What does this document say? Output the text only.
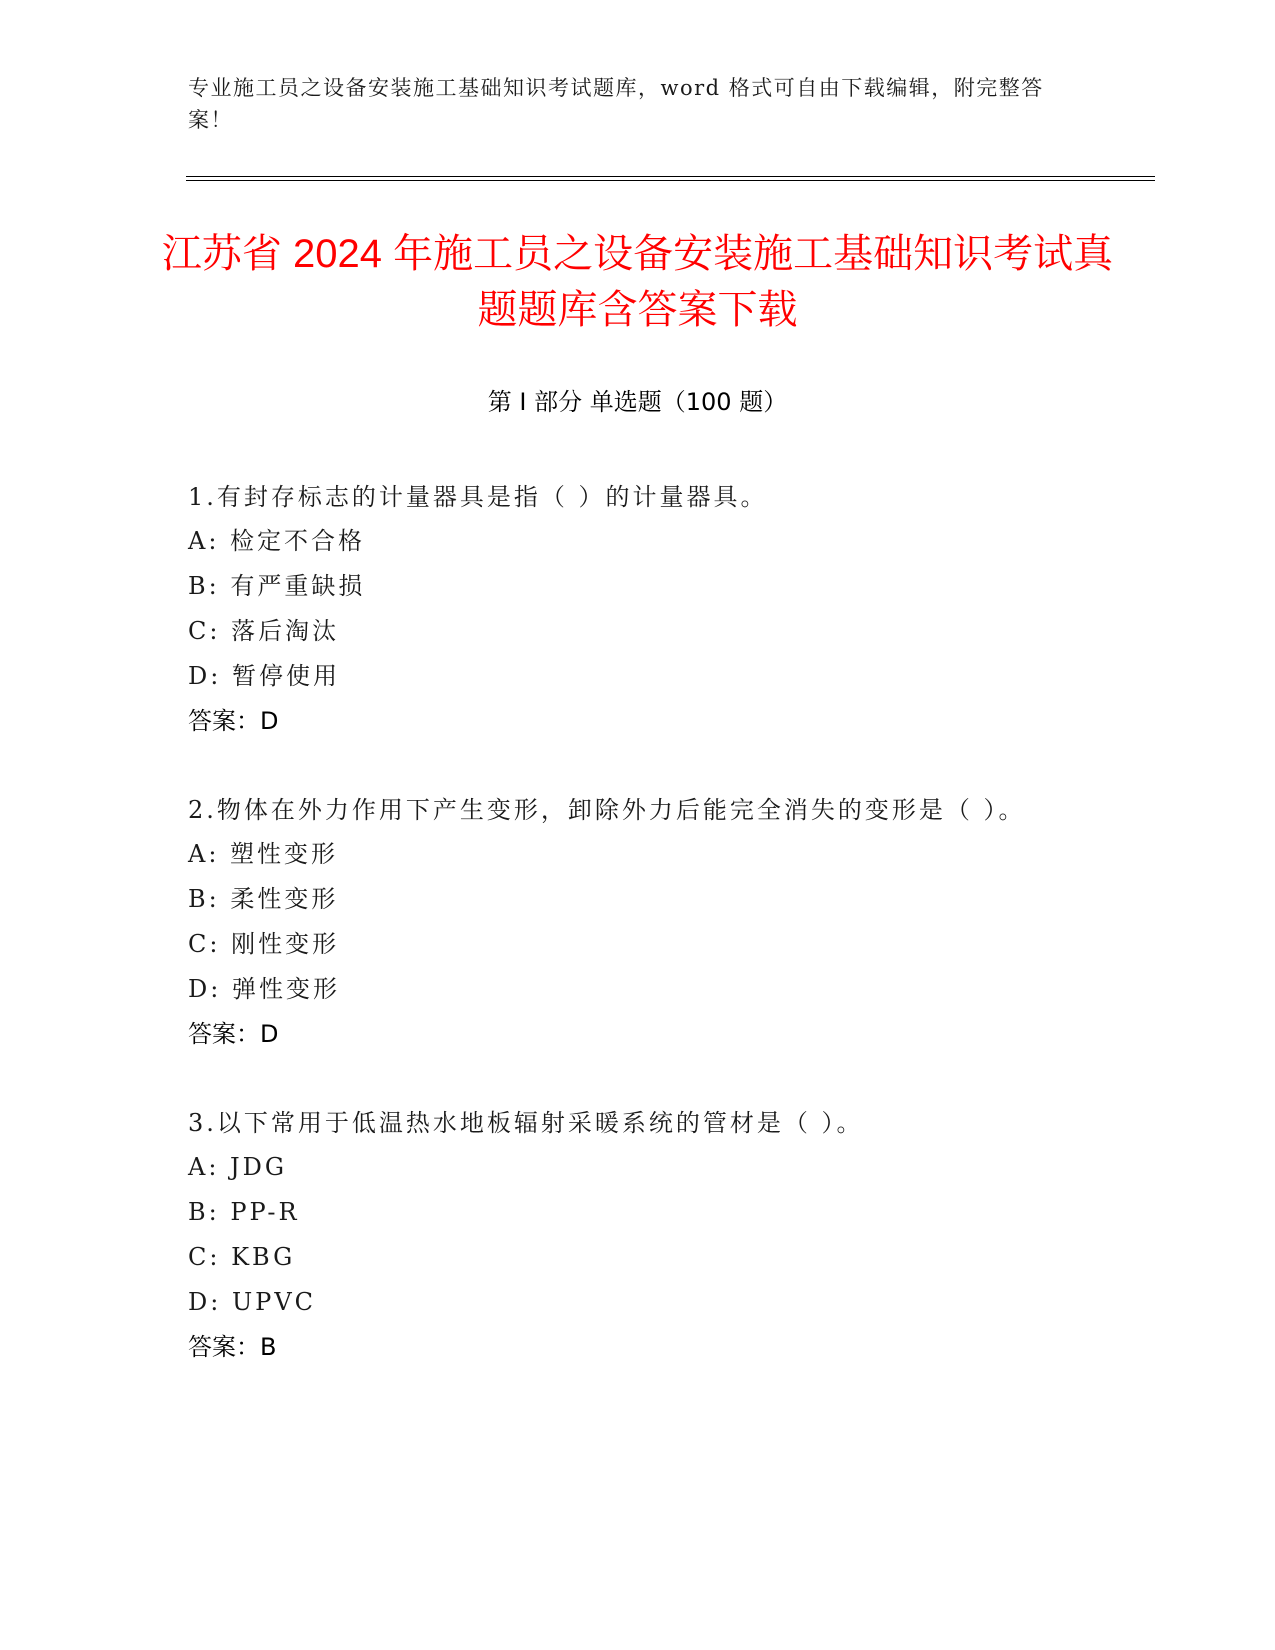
专业施工员之设备安装施工基础知识考试题库，word 格式可自由下载编辑，附完整答案！
江苏省 2024 年施工员之设备安装施工基础知识考试真题题库含答案下载
第 I 部分 单选题（100 题）
1.有封存标志的计量器具是指（ ）的计量器具。
A: 检定不合格
B: 有严重缺损
C: 落后淘汰
D: 暂停使用
答案：D
2.物体在外力作用下产生变形，卸除外力后能完全消失的变形是（ ）。
A: 塑性变形
B: 柔性变形
C: 刚性变形
D: 弹性变形
答案：D
3.以下常用于低温热水地板辐射采暖系统的管材是（ ）。
A: JDG
B: PP-R
C: KBG
D: UPVC
答案：B
